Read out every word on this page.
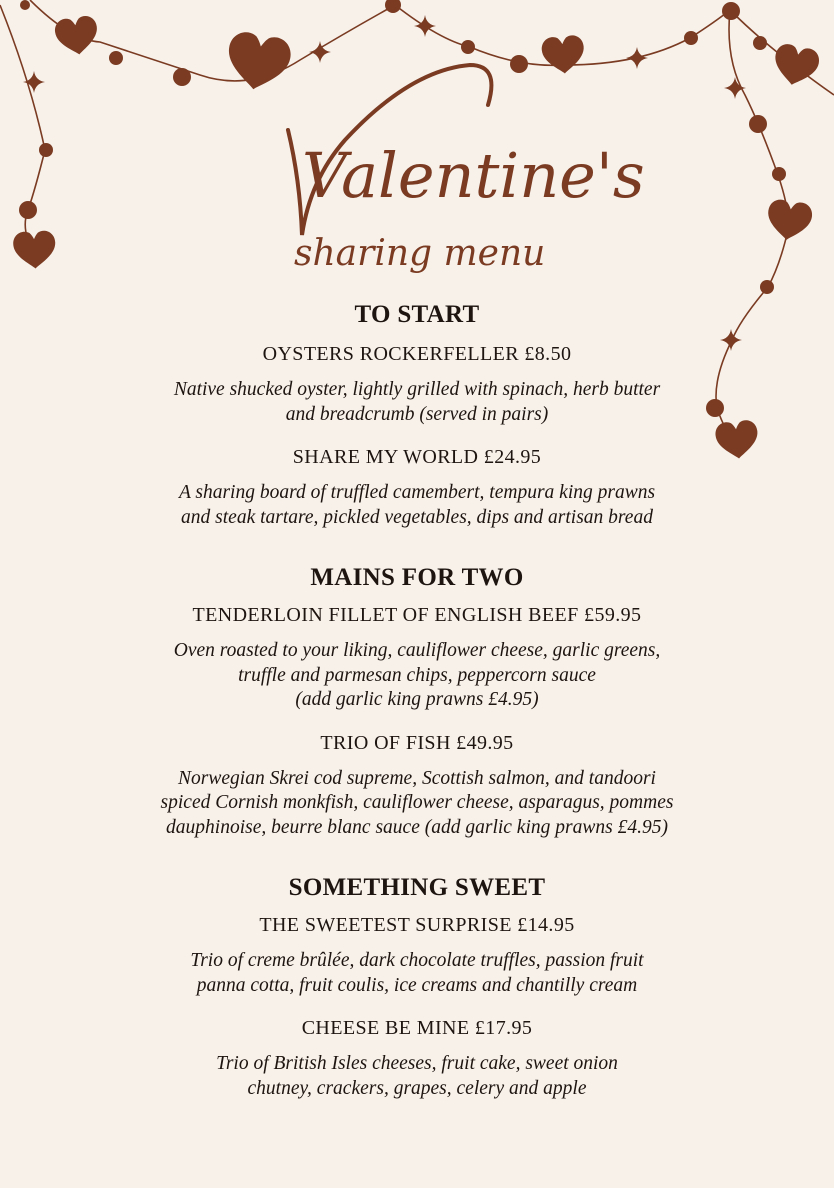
Valentine's
sharing menu
TO START

OYSTERS ROCKERFELLER £8.50

Native shucked oyster, lightly grilled with spinach, herb butter
and breadcrumb (served in pairs)

SHARE MY WORLD £24.95

A sharing board of truffled camembert, tempura king prawns
and steak tartare, pickled vegetables, dips and artisan bread

MAINS FOR TWO

TENDERLOIN FILLET OF ENGLISH BEEF £59.95

Oven roasted to your liking, cauliflower cheese, garlic greens,
truffle and parmesan chips, peppercorn sauce
(add garlic king prawns £4.95)

TRIO OF FISH £49.95

Norwegian Skrei cod supreme, Scottish salmon, and tandoori
spiced Cornish monkfish, cauliflower cheese, asparagus, pommes
dauphinoise, beurre blanc sauce (add garlic king prawns £4.95)

SOMETHING SWEET

THE SWEETEST SURPRISE £14.95

Trio of creme brûlée, dark chocolate truffles, passion fruit
panna cotta, fruit coulis, ice creams and chantilly cream

CHEESE BE MINE £17.95

Trio of British Isles cheeses, fruit cake, sweet onion
chutney, crackers, grapes, celery and apple
